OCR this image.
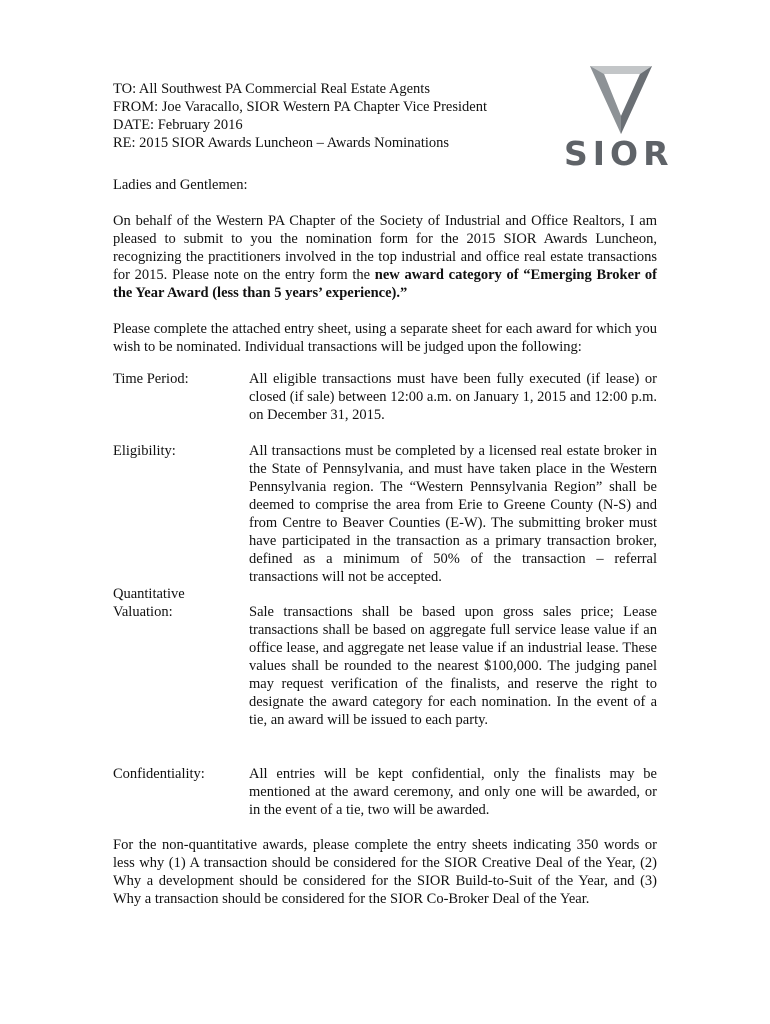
TO: All Southwest PA Commercial Real Estate Agents
FROM: Joe Varacallo, SIOR Western PA Chapter Vice President
DATE: February 2016
RE: 2015 SIOR Awards Luncheon – Awards Nominations	SIOR
Ladies and Gentlemen:
On behalf of the Western PA Chapter of the Society of Industrial and Office Realtors, I am pleased to submit to you the nomination form for the 2015 SIOR Awards Luncheon, recognizing the practitioners involved in the top industrial and office real estate transactions for 2015. Please note on the entry form the new award category of “Emerging Broker of the Year Award (less than 5 years’ experience).”
Please complete the attached entry sheet, using a separate sheet for each award for which you wish to be nominated. Individual transactions will be judged upon the following:
Time Period:	All eligible transactions must have been fully executed (if lease) or closed (if sale) between 12:00 a.m. on January 1, 2015 and 12:00 p.m. on December 31, 2015.
Eligibility:	All transactions must be completed by a licensed real estate broker in the State of Pennsylvania, and must have taken place in the Western Pennsylvania region. The “Western Pennsylvania Region” shall be deemed to comprise the area from Erie to Greene County (N-S) and from Centre to Beaver Counties (E-W). The submitting broker must have participated in the transaction as a primary transaction broker, defined as a minimum of 50% of the transaction – referral transactions will not be accepted.
Quantitative
Valuation:	Sale transactions shall be based upon gross sales price; Lease transactions shall be based on aggregate full service lease value if an office lease, and aggregate net lease value if an industrial lease. These values shall be rounded to the nearest $100,000. The judging panel may request verification of the finalists, and reserve the right to designate the award category for each nomination. In the event of a tie, an award will be issued to each party.
Confidentiality:	All entries will be kept confidential, only the finalists may be mentioned at the award ceremony, and only one will be awarded, or in the event of a tie, two will be awarded.
For the non-quantitative awards, please complete the entry sheets indicating 350 words or less why (1) A transaction should be considered for the SIOR Creative Deal of the Year, (2) Why a development should be considered for the SIOR Build-to-Suit of the Year, and (3) Why a transaction should be considered for the SIOR Co-Broker Deal of the Year.
